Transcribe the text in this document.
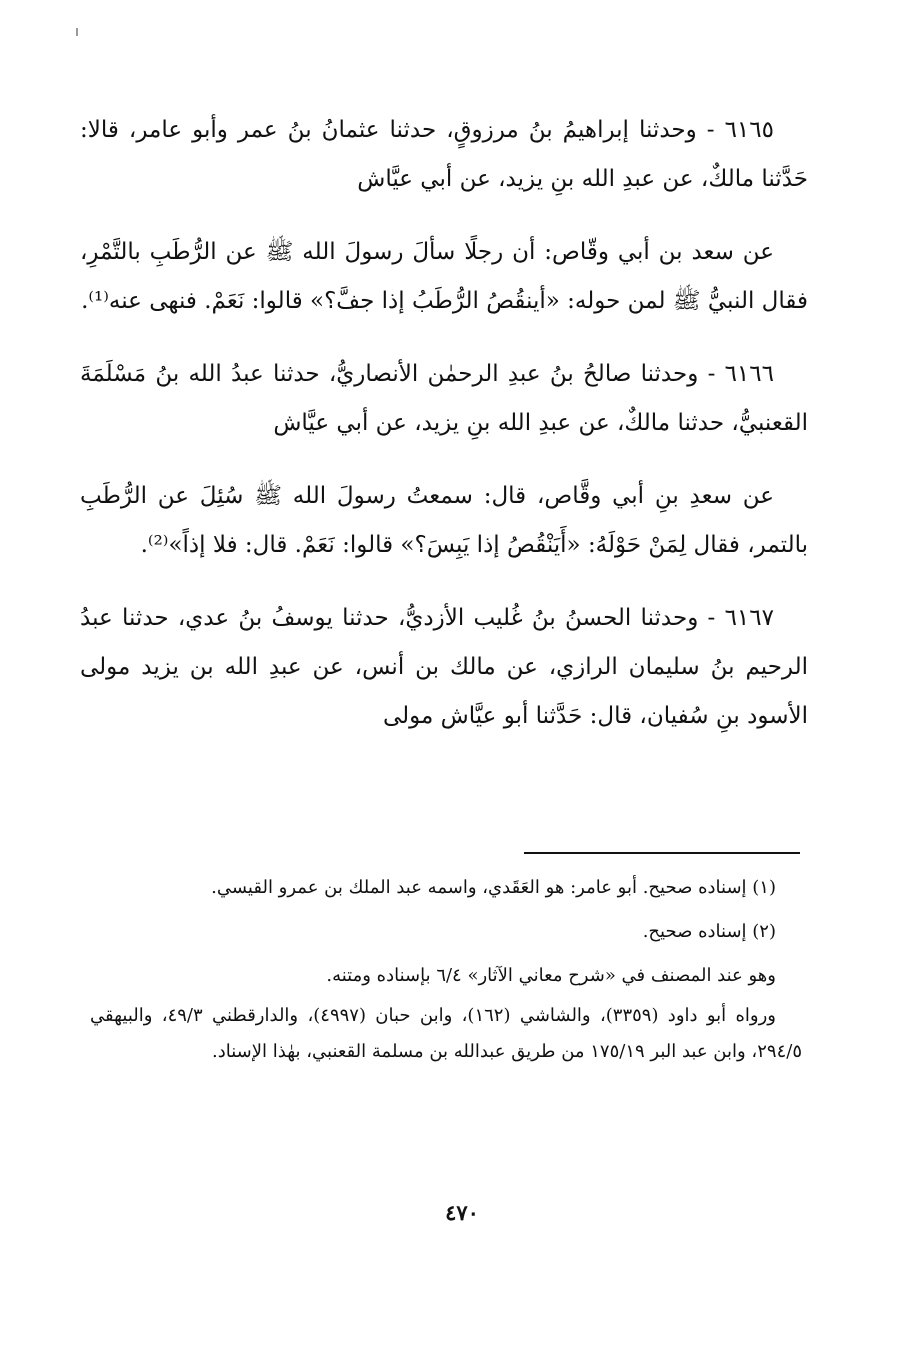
٦١٦٥ - وحدثنا إبراهيمُ بنُ مرزوقٍ، حدثنا عثمانُ بنُ عمر وأبو عامر، قالا: حَدَّثنا مالكٌ، عن عبدِ الله بنِ يزيد، عن أبي عيَّاش

عن سعد بن أبي وقّاص: أن رجلًا سألَ رسولَ الله ﷺ عن الرُّطَبِ بالتَّمْرِ، فقال النبيُّ ﷺ لمن حوله: «أينقُصُ الرُّطَبُ إذا جفَّ؟» قالوا: نَعَمْ. فنهى عنه⁽¹⁾.

٦١٦٦ - وحدثنا صالحُ بنُ عبدِ الرحمٰن الأنصاريُّ، حدثنا عبدُ الله بنُ مَسْلَمَةَ القعنبيُّ، حدثنا مالكٌ، عن عبدِ الله بنِ يزيد، عن أبي عيَّاش

عن سعدِ بنِ أبي وقَّاص، قال: سمعتُ رسولَ الله ﷺ سُئِلَ عن الرُّطَبِ بالتمر، فقال لِمَنْ حَوْلَهُ: «أَيَنْقُصُ إذا يَبِسَ؟» قالوا: نَعَمْ. قال: فلا إذاً»⁽²⁾.

٦١٦٧ - وحدثنا الحسنُ بنُ غُليب الأزديُّ، حدثنا يوسفُ بنُ عدي، حدثنا عبدُ الرحيم بنُ سليمان الرازي، عن مالك بن أنس، عن عبدِ الله بن يزيد مولى الأسود بنِ سُفيان، قال: حَدَّثنا أبو عيَّاش مولى

(١) إسناده صحيح. أبو عامر: هو العَقَدي، واسمه عبد الملك بن عمرو القيسي.

(٢) إسناده صحيح.

وهو عند المصنف في «شرح معاني الآثار» ٦/٤ بإسناده ومتنه.

ورواه أبو داود (٣٣٥٩)، والشاشي (١٦٢)، وابن حبان (٤٩٩٧)، والدارقطني ٤٩/٣، والبيهقي ٢٩٤/٥، وابن عبد البر ١٧٥/١٩ من طريق عبدالله بن مسلمة القعنبي، بهٰذا الإسناد.

٤٧٠
